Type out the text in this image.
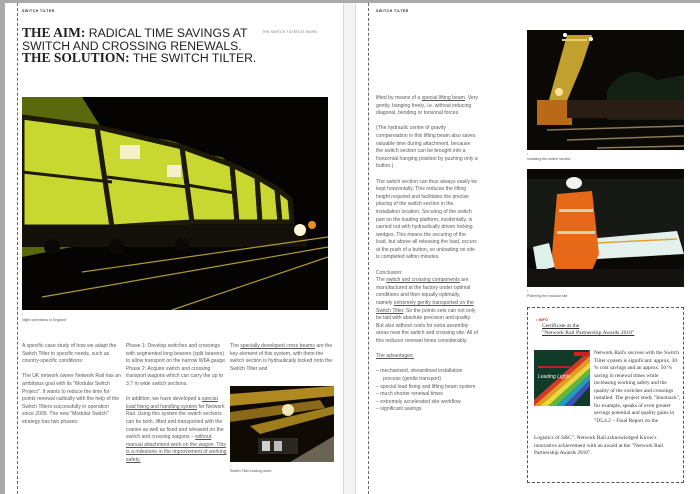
SWITCH TILTER
THE AIM: RADICAL TIME SAVINGS AT SWITCH AND CROSSING RENEWALS.
THE SOLUTION: THE SWITCH TILTER.
THE SWITCH TILTER AT WORK.
▪
Night operations in England

A specific case study of how we adapt the Switch Tilter to specific needs, such as country-specific conditions:

The UK network owner Network Rail has an ambitious goal with its "Modular Switch Project". It wants to reduce the time for points renewal radically with the help of the Switch Tilters successfully in operation since 2009. The new "Modular Switch" strategy has two phases:

Phase 1: Develop switches and crossings with segmented long bearers (split bearers) to allow transport on the narrow W6A gauge.

Phase 2: Acquire switch and crossing transport wagons which can carry the up to 3.7 m wide switch sections.

In addition, we have developed a special load fixing and handling system for Network Rail. Using this system the switch sections can be both, lifted and transported with the cranes as well as fixed and released on the switch and crossing wagons – without manual attachment work on the wagon. This is a milestone in the improvement of working safety.

The specially developed cross beams are the key element of this system, with them the switch section is hydraulically locked onto the Switch Tilter and

▪
Switch Tilter holding down
SWITCH TILTER

lifted by means of a special lifting beam. Very gently, hanging freely, i.e. without inducing diagonal, bending or torsional forces.

(The hydraulic centre of gravity compensation in this lifting beam also saves valuable time during attachment, because the switch section can be brought into a horizontal hanging position by pushing only a button.)

The switch section can thus always easily be kept horizontally. This reduces the lifting height required and facilitates the precise placing of the switch section in the installation location. Securing of the switch part on the loading platform, incidentally, is carried out with hydraulically driven locking wedges. This means the securing of the load, but above all releasing the load, occurs at the push of a button, so unloading on site is completed within minutes.

Conclusion:

The switch and crossing components are manufactured at the factory under optimal conditions and then equally optimally, namely extremely gently transported on the Switch Tilter. So the points sets can not only be laid with absolute precision and quality. But also without costs for extra assembly areas near the switch and crossing site. All of this reduces renewal times considerably.

The advantages:

– mechanised, streamlined installation process (gentle transport)
– special load fixing and lifting beam system
– much shorter renewal times
– extremely accelerated site workflow
– significant savings
▪
Installing the switch section
▪
Planning the modular site
• INFO
Certificate at the
"Network Rail Partnership Awards 2010"
Leading Lights
Network Rail's success with the Switch Tilter system is significant: approx. 30 % cost savings and an approx. 50 % saving in renewal times while increasing working safety and the quality of the switches and crossings installed. The project study "Innotrack", for example, speaks of even greater savings potential and quality gains in "D5.4.2 – Final Report on the
Logistics of S&C". Network Rail acknowledged Kirow's innovative achievement with an award at the "Network Rail Partnership Awards 2010".
